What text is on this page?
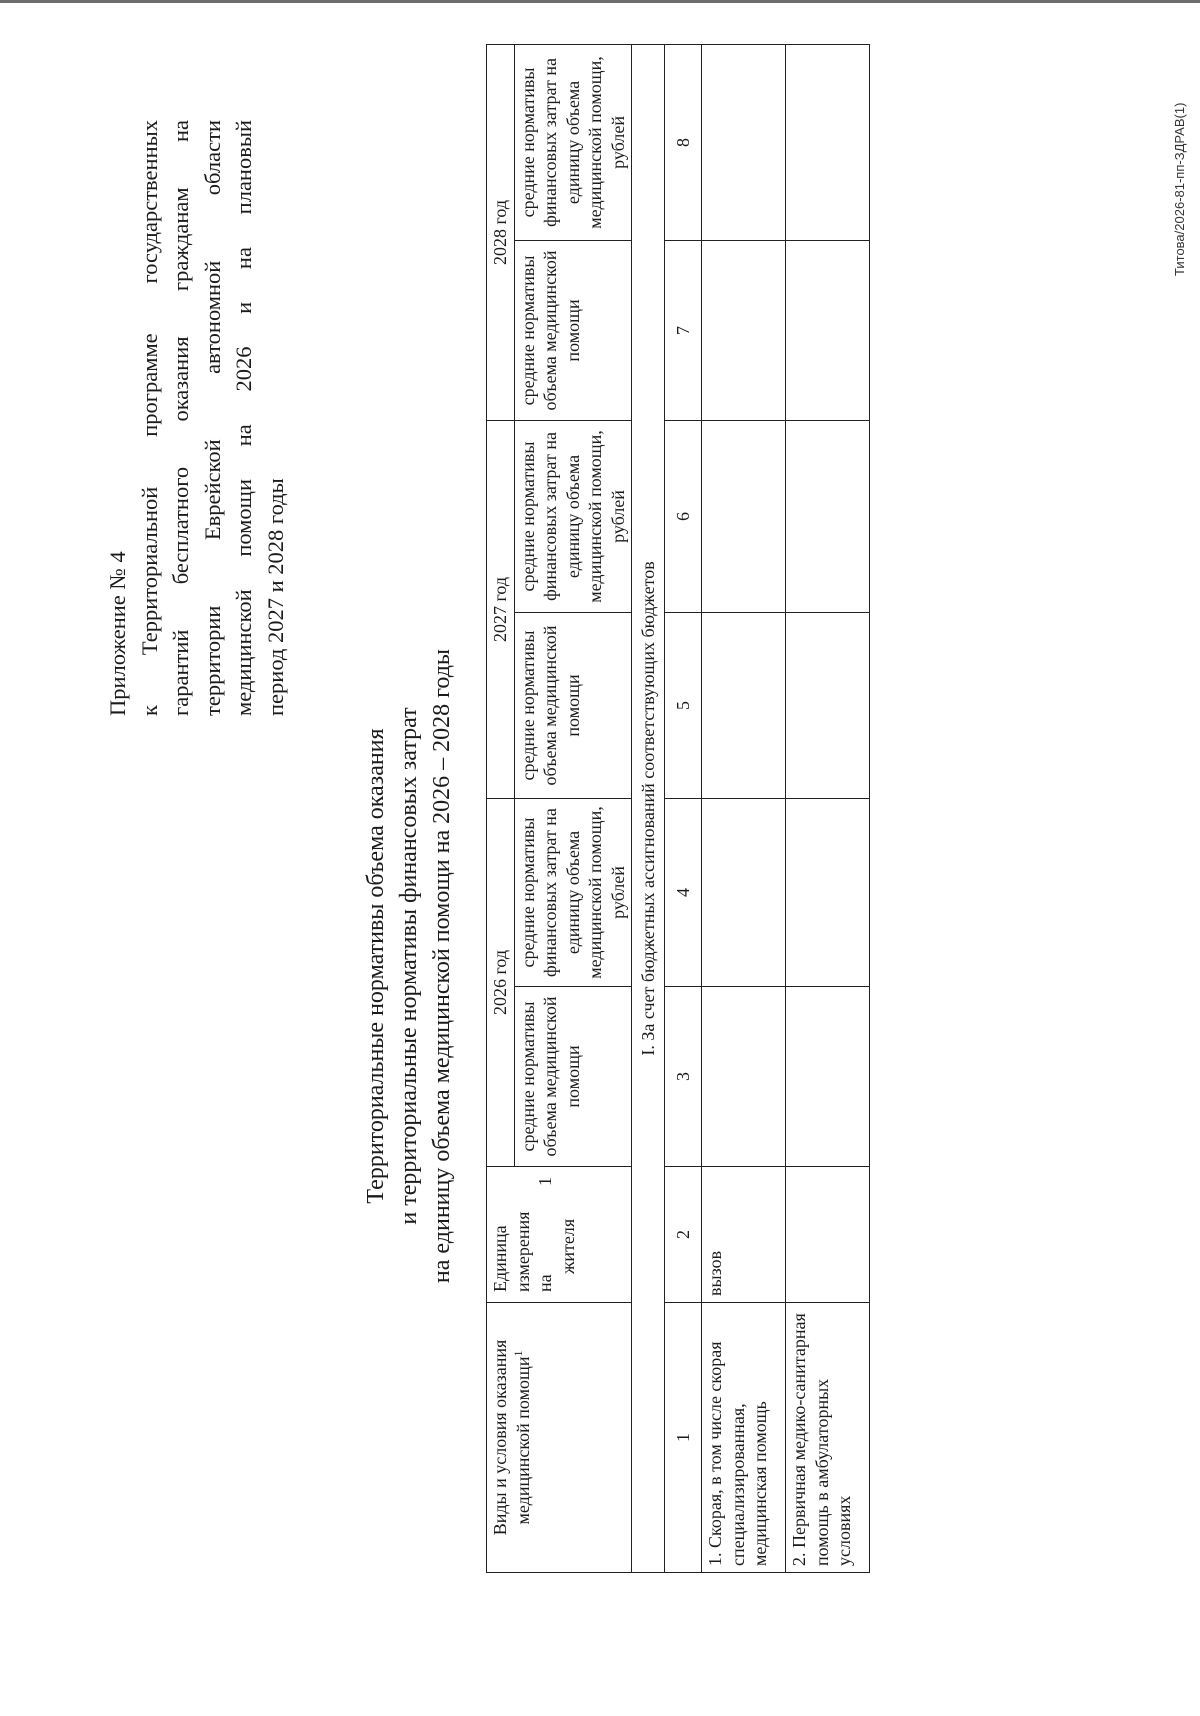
Приложение № 4 к Территориальной программе государственных гарантий бесплатного оказания гражданам на территории Еврейской автономной области медицинской помощи на 2026 и на плановый период 2027 и 2028 годы
Территориальные нормативы объема оказания и территориальные нормативы финансовых затрат на единицу объема медицинской помощи на 2026 – 2028 годы
Виды и условия оказания медицинской помощи$^1$	Единица измерения на 1 жителя	2026 год		2027 год		2028 год	
		средние нормативы объема медицинской помощи	средние нормативы финансовых затрат на единицу объема медицинской помощи, рублей	средние нормативы объема медицинской помощи	средние нормативы финансовых затрат на единицу объема медицинской помощи, рублей	средние нормативы объема медицинской помощи	средние нормативы финансовых затрат на единицу объема медицинской помощи, рублей
I. За счет бюджетных ассигнований соответствующих бюджетов							
1	2	3	4	5	6	7	8
1. Скорая, в том числе скорая специализированная, медицинская помощь	вызов						
2. Первичная медико-санитарная помощь в амбулаторных условиях							
Титова/2026-81-пп-ЗДРАВ(1)
